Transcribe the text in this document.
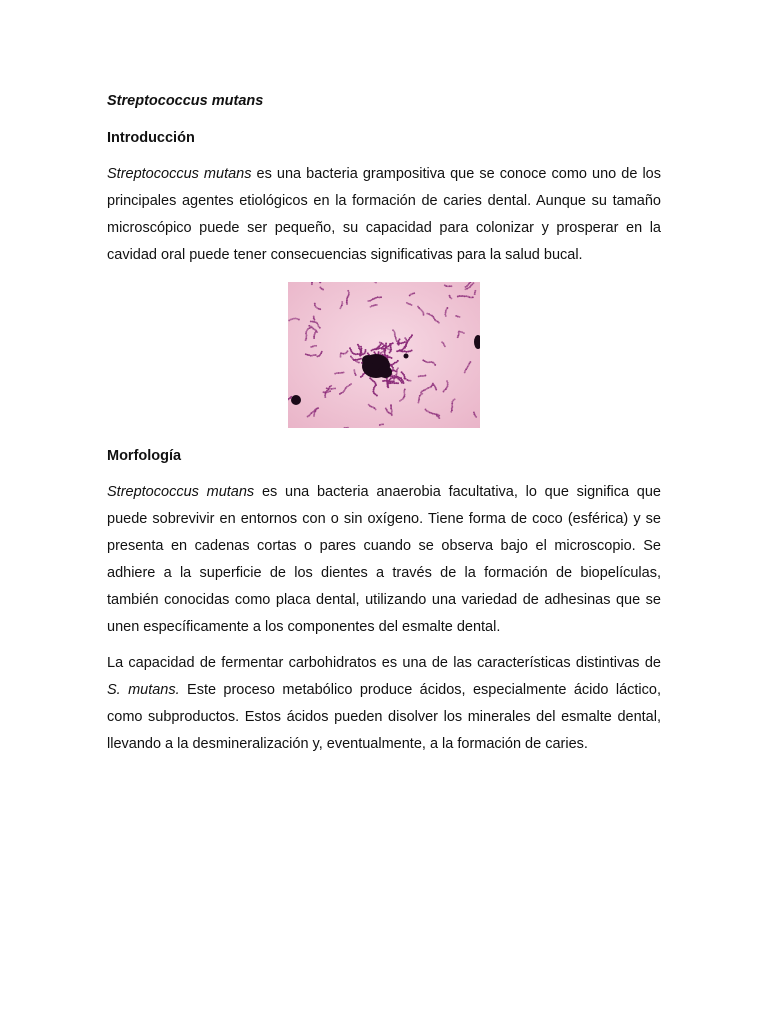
Streptococcus mutans

Introducción

Streptococcus mutans es una bacteria grampositiva que se conoce como uno de los principales agentes etiológicos en la formación de caries dental. Aunque su tamaño microscópico puede ser pequeño, su capacidad para colonizar y prosperar en la cavidad oral puede tener consecuencias significativas para la salud bucal.

Morfología

Streptococcus mutans es una bacteria anaerobia facultativa, lo que significa que puede sobrevivir en entornos con o sin oxígeno. Tiene forma de coco (esférica) y se presenta en cadenas cortas o pares cuando se observa bajo el microscopio. Se adhiere a la superficie de los dientes a través de la formación de biopelículas, también conocidas como placa dental, utilizando una variedad de adhesinas que se unen específicamente a los componentes del esmalte dental.

La capacidad de fermentar carbohidratos es una de las características distintivas de S. mutans. Este proceso metabólico produce ácidos, especialmente ácido láctico, como subproductos. Estos ácidos pueden disolver los minerales del esmalte dental, llevando a la desmineralización y, eventualmente, a la formación de caries.
